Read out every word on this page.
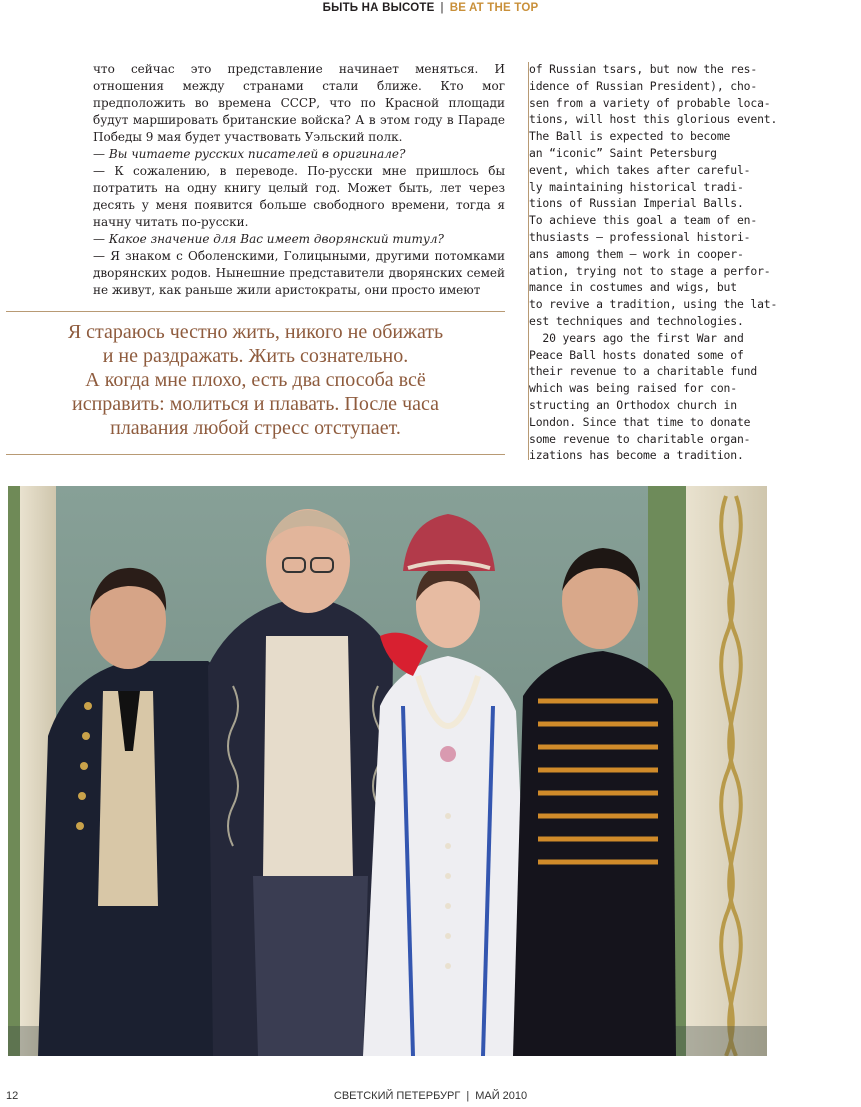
БЫТЬ НА ВЫСОТЕ | BE AT THE TOP

что сейчас это представление начинает меняться. И отношения между странами стали ближе. Кто мог предположить во времена СССР, что по Красной площади будут маршировать британские войска? А в этом году в Параде Победы 9 мая будет участвовать Уэльский полк.

— Вы читаете русских писателей в оригинале?

— К сожалению, в переводе. По-русски мне пришлось бы потратить на одну книгу целый год. Может быть, лет через десять у меня появится больше свободного времени, тогда я начну читать по-русски.

— Какое значение для Вас имеет дворянский титул?

— Я знаком с Оболенскими, Голицыными, другими потомками дворянских родов. Нынешние представители дворянских семей не живут, как раньше жили аристократы, они просто имеют

of Russian tsars, but now the res-
idence of Russian President), cho-
sen from a variety of probable loca-
tions, will host this glorious event.
The Ball is expected to become
an “iconic” Saint Petersburg
event, which takes after careful-
ly maintaining historical tradi-
tions of Russian Imperial Balls.
To achieve this goal a team of en-
thusiasts – professional histori-
ans among them – work in cooper-
ation, trying not to stage a perfor-
mance in costumes and wigs, but
to revive a tradition, using the lat-
est techniques and technologies.
20 years ago the first War and
Peace Ball hosts donated some of
their revenue to a charitable fund
which was being raised for con-
structing an Orthodox church in
London. Since that time to donate
some revenue to charitable organ-
izations has become a tradition.
Я стараюсь честно жить, никого не обижать
и не раздражать. Жить сознательно.
А когда мне плохо, есть два способа всё
исправить: молиться и плавать. После часа
плавания любой стресс отступает.
12	СВЕТСКИЙ ПЕТЕРБУРГ | МАЙ 2010
